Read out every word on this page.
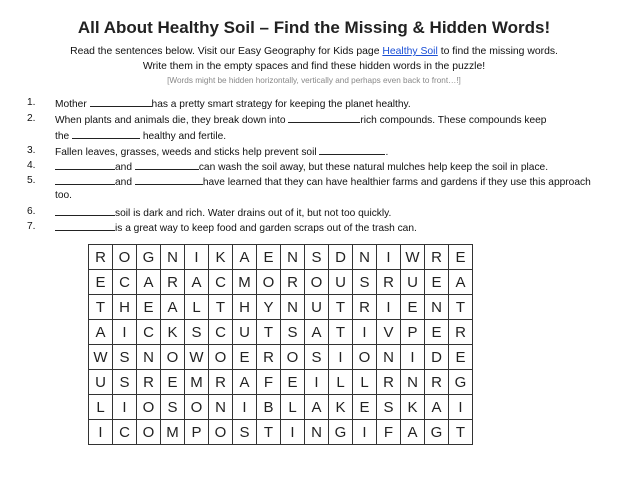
All About Healthy Soil – Find the Missing & Hidden Words!
Read the sentences below. Visit our Easy Geography for Kids page Healthy Soil to find the missing words.
Write them in the empty spaces and find these hidden words in the puzzle!
[Words might be hidden horizontally, vertically and perhaps even back to front…!]
1. Mother	has a pretty smart strategy for keeping the planet healthy.
2. When plants and animals die, they break down into	rich compounds. These compounds keep
the	healthy and fertile.
3. Fallen leaves, grasses, weeds and sticks help prevent soil	.
4.	and	can wash the soil away, but these natural mulches help keep the soil in place.
5.	and	have learned that they can have healthier farms and gardens if they use this approach
too.
6.	soil is dark and rich. Water drains out of it, but not too quickly.
7.	is a great way to keep food and garden scraps out of the trash can.
R	O	G	N	I	K	A	E	N	S	D	N	I	W	R	E
E	C	A	R	A	C	M	O	R	O	U	S	R	U	E	A
T	H	E	A	L	T	H	Y	N	U	T	R	I	E	N	T
A	I	C	K	S	C	U	T	S	A	T	I	V	P	E	R
W	S	N	O	W	O	E	R	O	S	I	O	N	I	D	E
U	S	R	E	M	R	A	F	E	I	L	L	R	N	R	G
L	I	O	S	O	N	I	B	L	A	K	E	S	K	A	I
I	C	O	M	P	O	S	T	I	N	G	I	F	A	G	T
